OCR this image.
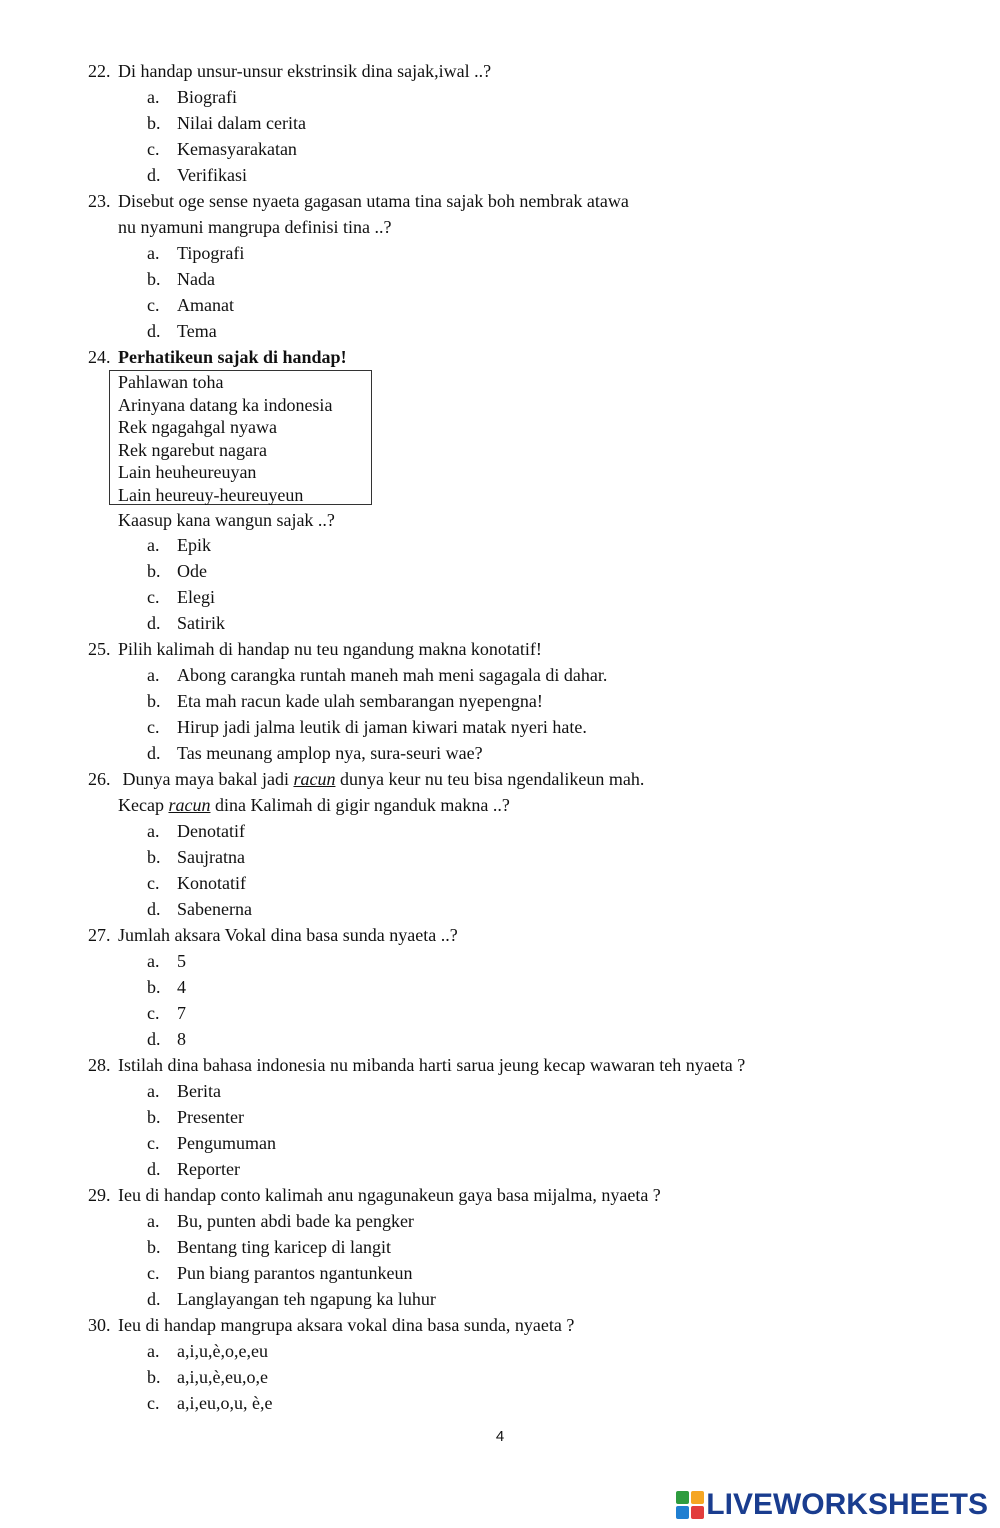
22. Di handap unsur-unsur ekstrinsik dina sajak,iwal ..?
a. Biografi
b. Nilai dalam cerita
c. Kemasyarakatan
d. Verifikasi
23. Disebut oge sense nyaeta gagasan utama tina sajak boh nembrak atawa
nu nyamuni mangrupa definisi tina ..?
a. Tipografi
b. Nada
c. Amanat
d. Tema
24. Perhatikeun sajak di handap!
Pahlawan toha
Arinyana datang ka indonesia
Rek ngagahgal nyawa
Rek ngarebut nagara
Lain heuheureuyan
Lain heureuy-heureuyeun
Kaasup kana wangun sajak ..?
a. Epik
b. Ode
c. Elegi
d. Satirik
25. Pilih kalimah di handap nu teu ngandung makna konotatif!
a. Abong carangka runtah maneh mah meni sagagala di dahar.
b. Eta mah racun kade ulah sembarangan nyepengna!
c. Hirup jadi jalma leutik di jaman kiwari matak nyeri hate.
d. Tas meunang amplop nya, sura-seuri wae?
26. Dunya maya bakal jadi racun dunya keur nu teu bisa ngendalikeun mah.
Kecap racun dina Kalimah di gigir nganduk makna ..?
a. Denotatif
b. Saujratna
c. Konotatif
d. Sabenerna
27. Jumlah aksara Vokal dina basa sunda nyaeta ..?
a. 5
b. 4
c. 7
d. 8
28. Istilah dina bahasa indonesia nu mibanda harti sarua jeung kecap wawaran teh nyaeta ?
a. Berita
b. Presenter
c. Pengumuman
d. Reporter
29. Ieu di handap conto kalimah anu ngagunakeun gaya basa mijalma, nyaeta ?
a. Bu, punten abdi bade ka pengker
b. Bentang ting karicep di langit
c. Pun biang parantos ngantunkeun
d. Langlayangan teh ngapung ka luhur
30. Ieu di handap mangrupa aksara vokal dina basa sunda, nyaeta ?
a. a,i,u,è,o,e,eu
b. a,i,u,è,eu,o,e
c. a,i,eu,o,u, è,e
4
LIVEWORKSHEETS
